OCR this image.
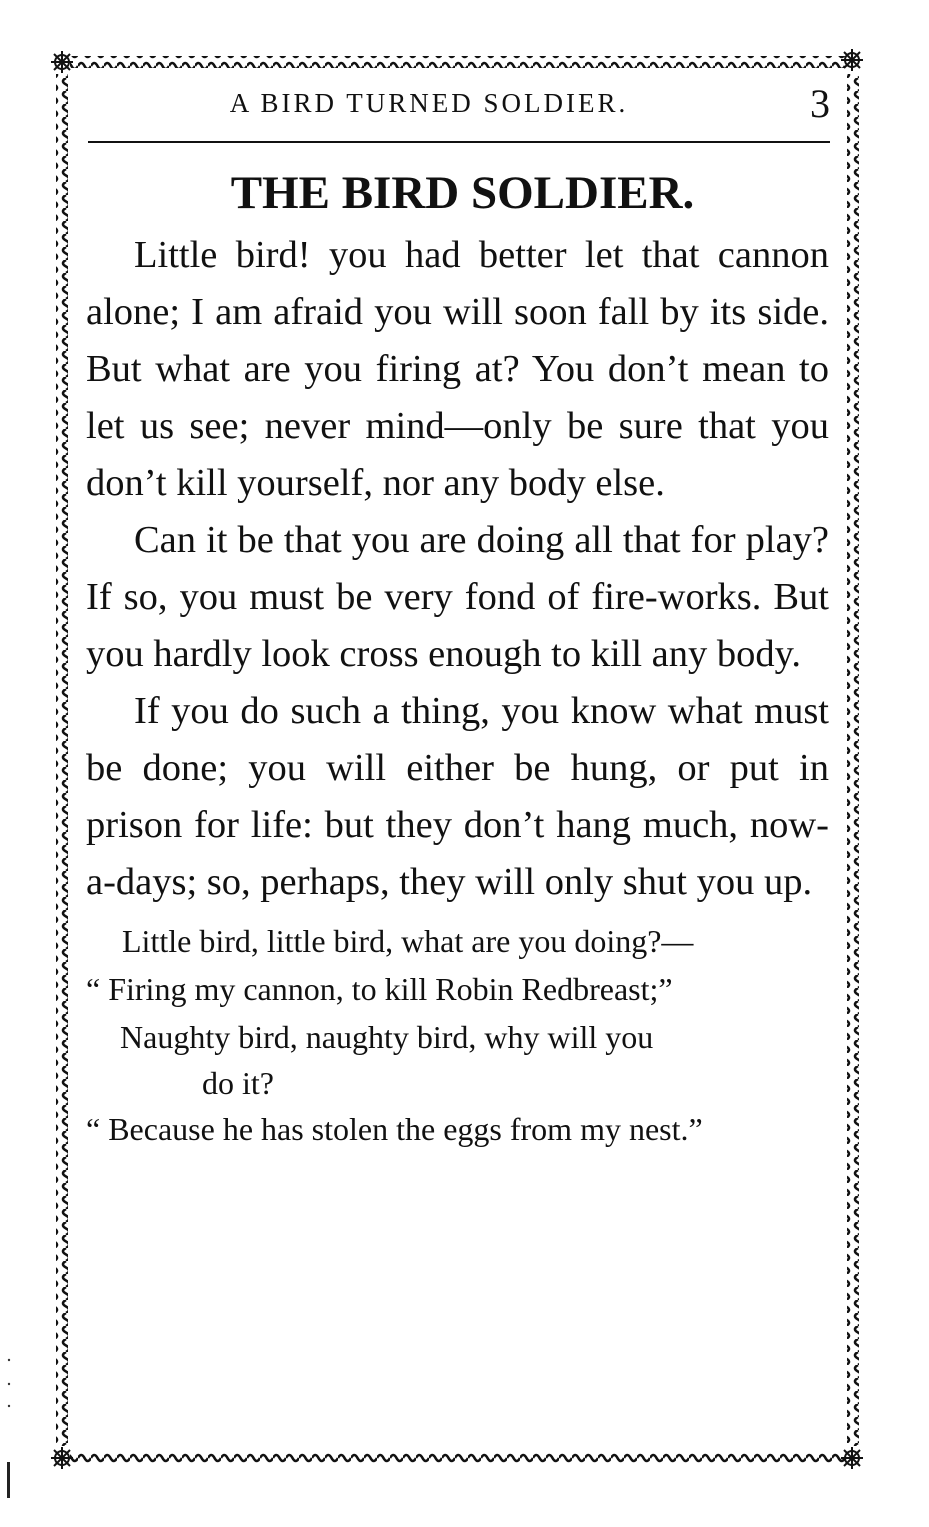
A BIRD TURNED SOLDIER.	3
THE BIRD SOLDIER.

Little bird! you had better let that cannon alone; I am afraid you will soon fall by its side. But what are you firing at? You don’t mean to let us see; never mind—only be sure that you don’t kill yourself, nor any body else.

Can it be that you are doing all that for play? If so, you must be very fond of fire-works. But you hardly look cross enough to kill any body.

If you do such a thing, you know what must be done; you will either be hung, or put in prison for life: but they don’t hang much, now-a-days; so, perhaps, they will only shut you up.

Little bird, little bird, what are you doing?—
“ Firing my cannon, to kill Robin Redbreast;”
Naughty bird, naughty bird, why will you
do it?
“ Because he has stolen the eggs from my nest.”
